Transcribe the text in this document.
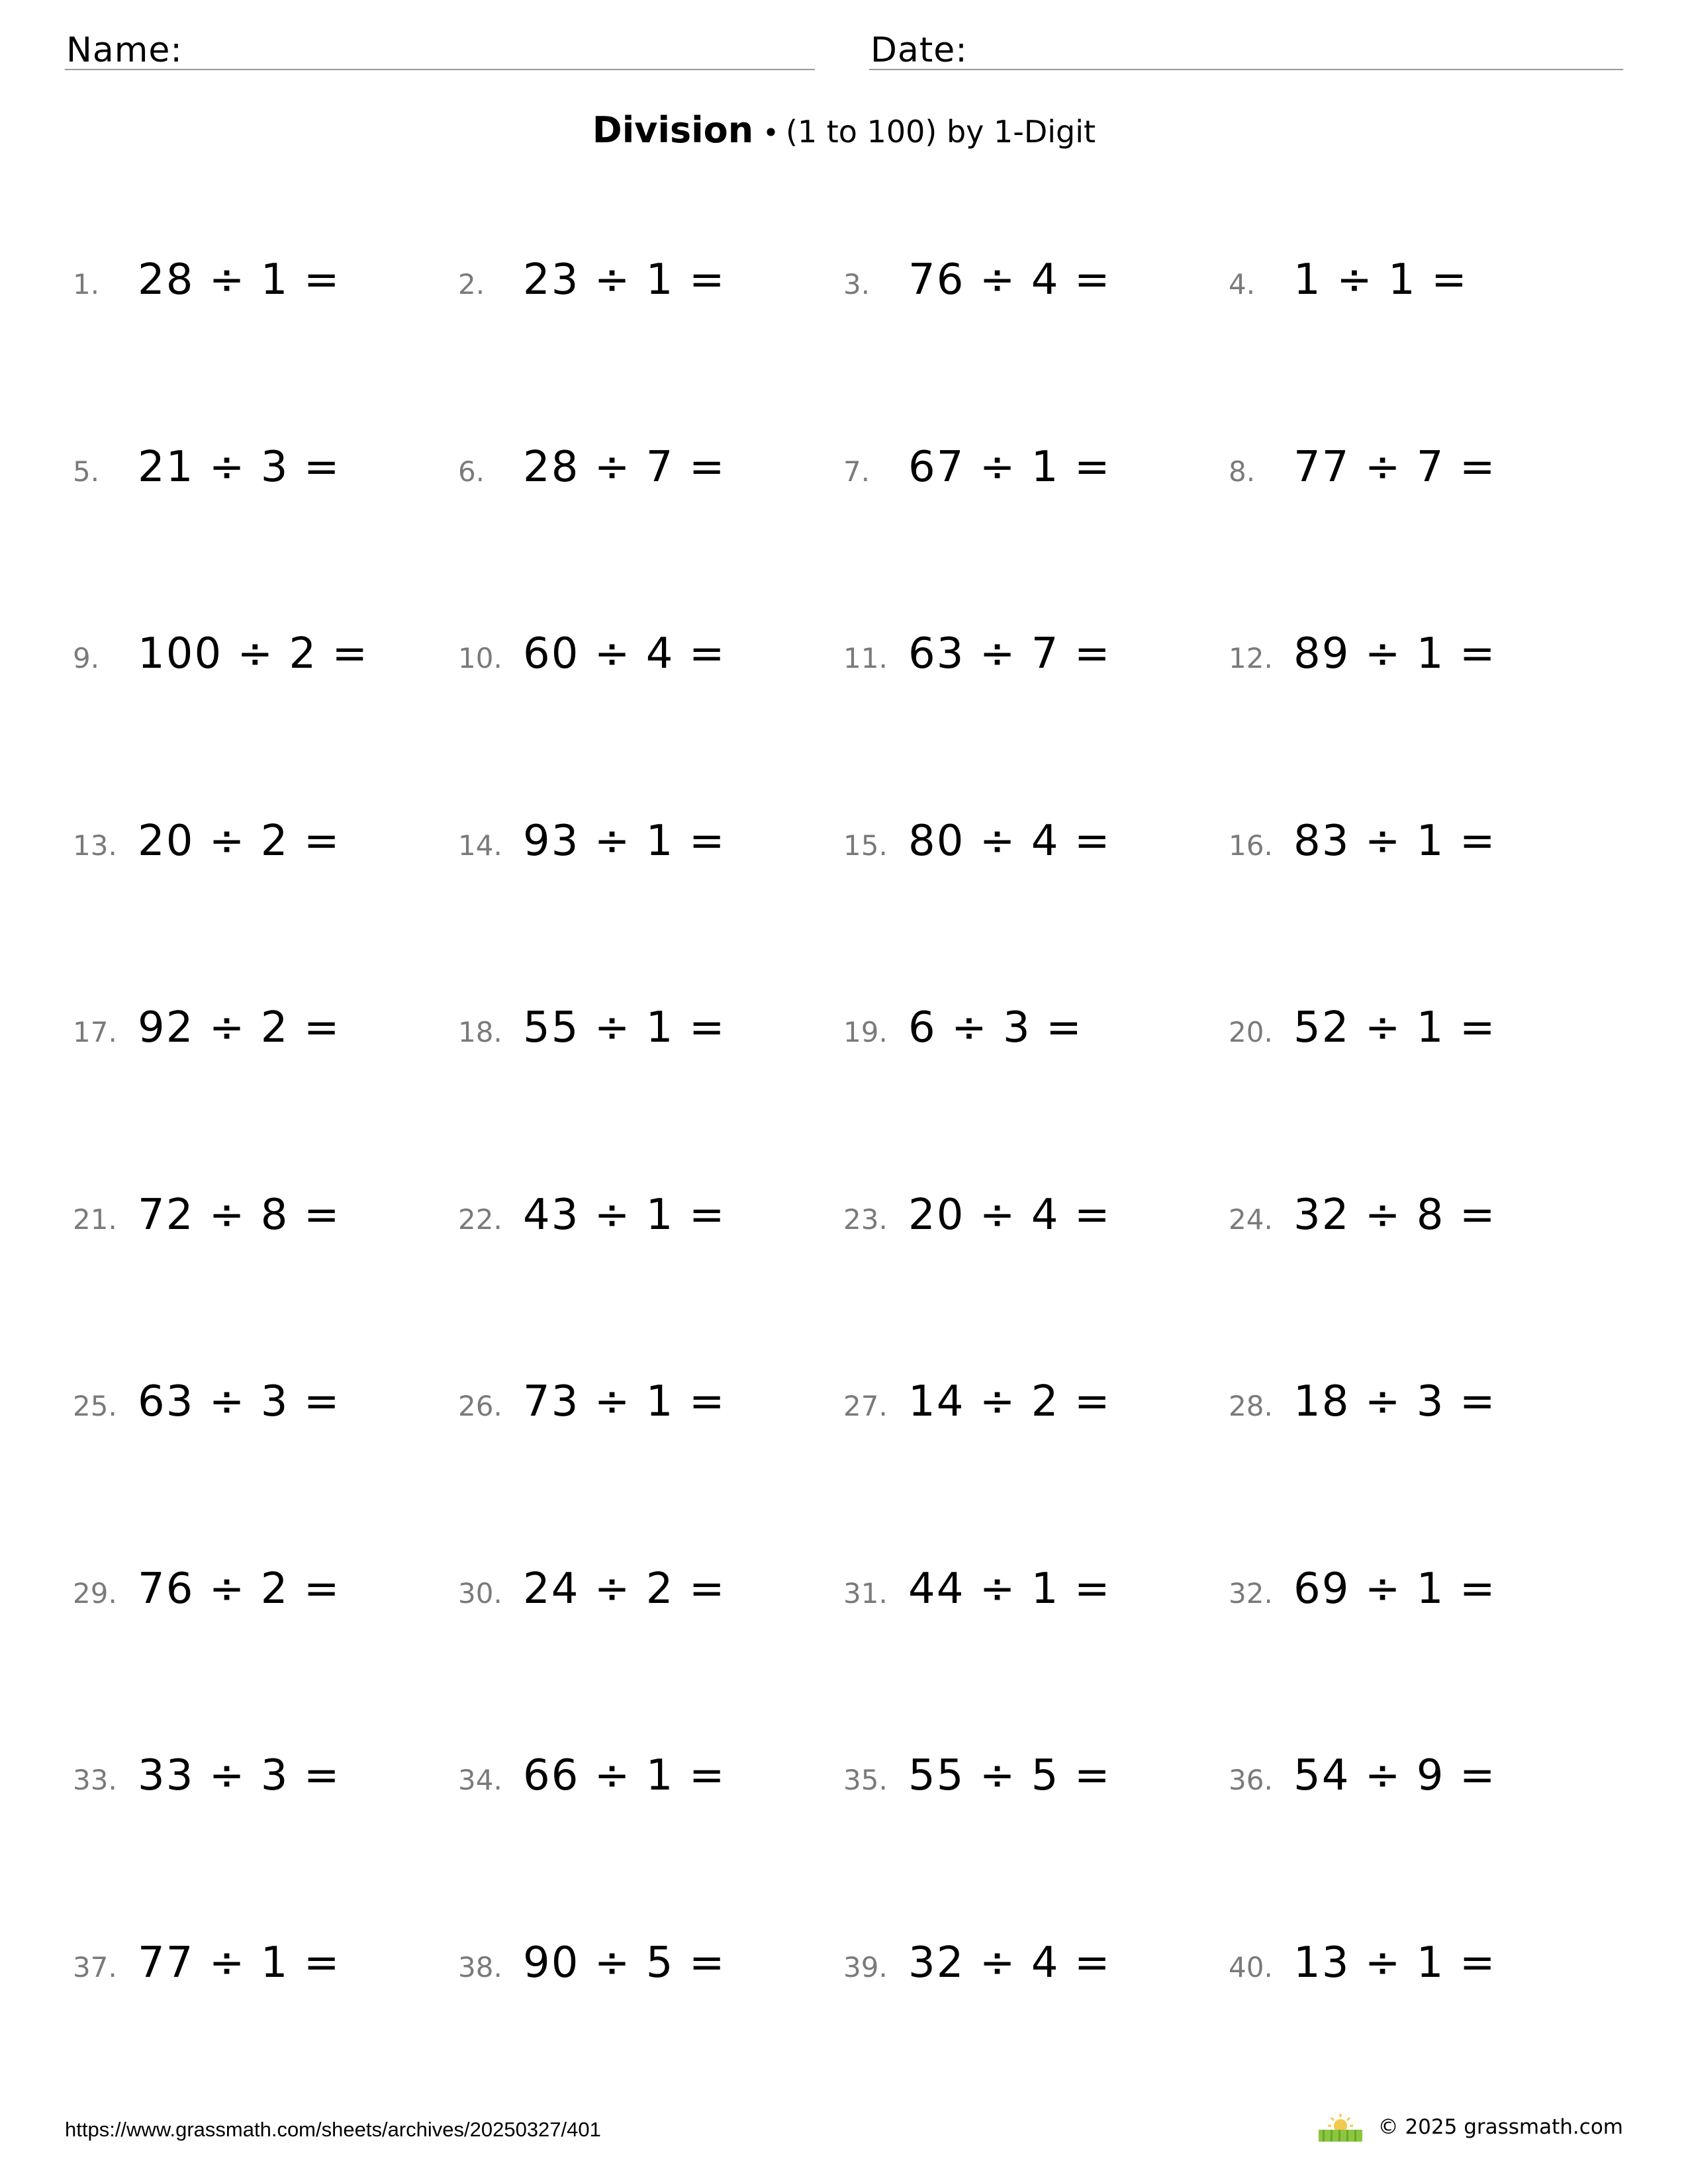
Name:	Date:
Division • (1 to 100) by 1-Digit
1. 28 ÷ 1 =	2. 23 ÷ 1 =	3. 76 ÷ 4 =	4. 1 ÷ 1 =
5. 21 ÷ 3 =	6. 28 ÷ 7 =	7. 67 ÷ 1 =	8. 77 ÷ 7 =
9. 100 ÷ 2 =	10. 60 ÷ 4 =	11. 63 ÷ 7 =	12. 89 ÷ 1 =
13. 20 ÷ 2 =	14. 93 ÷ 1 =	15. 80 ÷ 4 =	16. 83 ÷ 1 =
17. 92 ÷ 2 =	18. 55 ÷ 1 =	19. 6 ÷ 3 =	20. 52 ÷ 1 =
21. 72 ÷ 8 =	22. 43 ÷ 1 =	23. 20 ÷ 4 =	24. 32 ÷ 8 =
25. 63 ÷ 3 =	26. 73 ÷ 1 =	27. 14 ÷ 2 =	28. 18 ÷ 3 =
29. 76 ÷ 2 =	30. 24 ÷ 2 =	31. 44 ÷ 1 =	32. 69 ÷ 1 =
33. 33 ÷ 3 =	34. 66 ÷ 1 =	35. 55 ÷ 5 =	36. 54 ÷ 9 =
37. 77 ÷ 1 =	38. 90 ÷ 5 =	39. 32 ÷ 4 =	40. 13 ÷ 1 =
https://www.grassmath.com/sheets/archives/20250327/401	© 2025 grassmath.com
